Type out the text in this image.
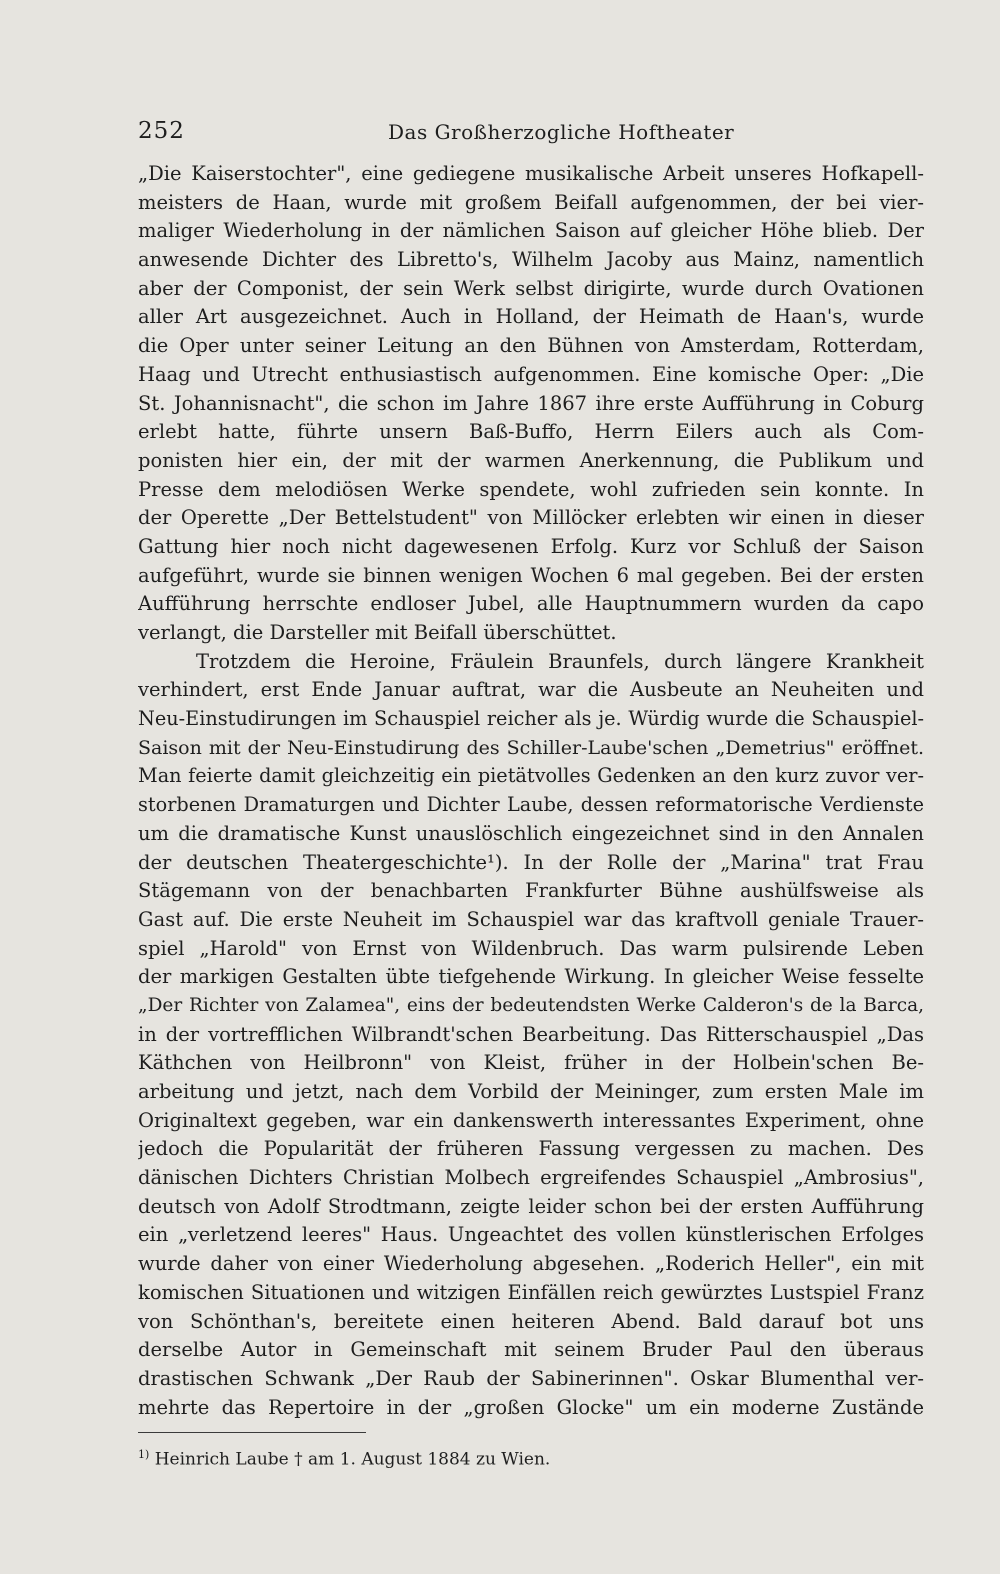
252	Das Großherzogliche Hoftheater
„Die Kaiserstochter", eine gediegene musikalische Arbeit unseres Hofkapell-
meisters de Haan, wurde mit großem Beifall aufgenommen, der bei vier-
maliger Wiederholung in der nämlichen Saison auf gleicher Höhe blieb. Der
anwesende Dichter des Libretto's, Wilhelm Jacoby aus Mainz, namentlich
aber der Componist, der sein Werk selbst dirigirte, wurde durch Ovationen
aller Art ausgezeichnet. Auch in Holland, der Heimath de Haan's, wurde
die Oper unter seiner Leitung an den Bühnen von Amsterdam, Rotterdam,
Haag und Utrecht enthusiastisch aufgenommen. Eine komische Oper: „Die
St. Johannisnacht", die schon im Jahre 1867 ihre erste Aufführung in Coburg
erlebt hatte, führte unsern Baß-Buffo, Herrn Eilers auch als Com-
ponisten hier ein, der mit der warmen Anerkennung, die Publikum und
Presse dem melodiösen Werke spendete, wohl zufrieden sein konnte. In
der Operette „Der Bettelstudent" von Millöcker erlebten wir einen in dieser
Gattung hier noch nicht dagewesenen Erfolg. Kurz vor Schluß der Saison
aufgeführt, wurde sie binnen wenigen Wochen 6 mal gegeben. Bei der ersten
Aufführung herrschte endloser Jubel, alle Hauptnummern wurden da capo
verlangt, die Darsteller mit Beifall überschüttet.
Trotzdem die Heroine, Fräulein Braunfels, durch längere Krankheit
verhindert, erst Ende Januar auftrat, war die Ausbeute an Neuheiten und
Neu-Einstudirungen im Schauspiel reicher als je. Würdig wurde die Schauspiel-
Saison mit der Neu-Einstudirung des Schiller-Laube'schen „Demetrius" eröffnet.
Man feierte damit gleichzeitig ein pietätvolles Gedenken an den kurz zuvor ver-
storbenen Dramaturgen und Dichter Laube, dessen reformatorische Verdienste
um die dramatische Kunst unauslöschlich eingezeichnet sind in den Annalen
der deutschen Theatergeschichte¹). In der Rolle der „Marina" trat Frau
Stägemann von der benachbarten Frankfurter Bühne aushülfsweise als
Gast auf. Die erste Neuheit im Schauspiel war das kraftvoll geniale Trauer-
spiel „Harold" von Ernst von Wildenbruch. Das warm pulsirende Leben
der markigen Gestalten übte tiefgehende Wirkung. In gleicher Weise fesselte
„Der Richter von Zalamea", eins der bedeutendsten Werke Calderon's de la Barca,
in der vortrefflichen Wilbrandt'schen Bearbeitung. Das Ritterschauspiel „Das
Käthchen von Heilbronn" von Kleist, früher in der Holbein'schen Be-
arbeitung und jetzt, nach dem Vorbild der Meininger, zum ersten Male im
Originaltext gegeben, war ein dankenswerth interessantes Experiment, ohne
jedoch die Popularität der früheren Fassung vergessen zu machen. Des
dänischen Dichters Christian Molbech ergreifendes Schauspiel „Ambrosius",
deutsch von Adolf Strodtmann, zeigte leider schon bei der ersten Aufführung
ein „verletzend leeres" Haus. Ungeachtet des vollen künstlerischen Erfolges
wurde daher von einer Wiederholung abgesehen. „Roderich Heller", ein mit
komischen Situationen und witzigen Einfällen reich gewürztes Lustspiel Franz
von Schönthan's, bereitete einen heiteren Abend. Bald darauf bot uns
derselbe Autor in Gemeinschaft mit seinem Bruder Paul den überaus
drastischen Schwank „Der Raub der Sabinerinnen". Oskar Blumenthal ver-
mehrte das Repertoire in der „großen Glocke" um ein moderne Zustände
$^{1)}$ Heinrich Laube † am 1. August 1884 zu Wien.
